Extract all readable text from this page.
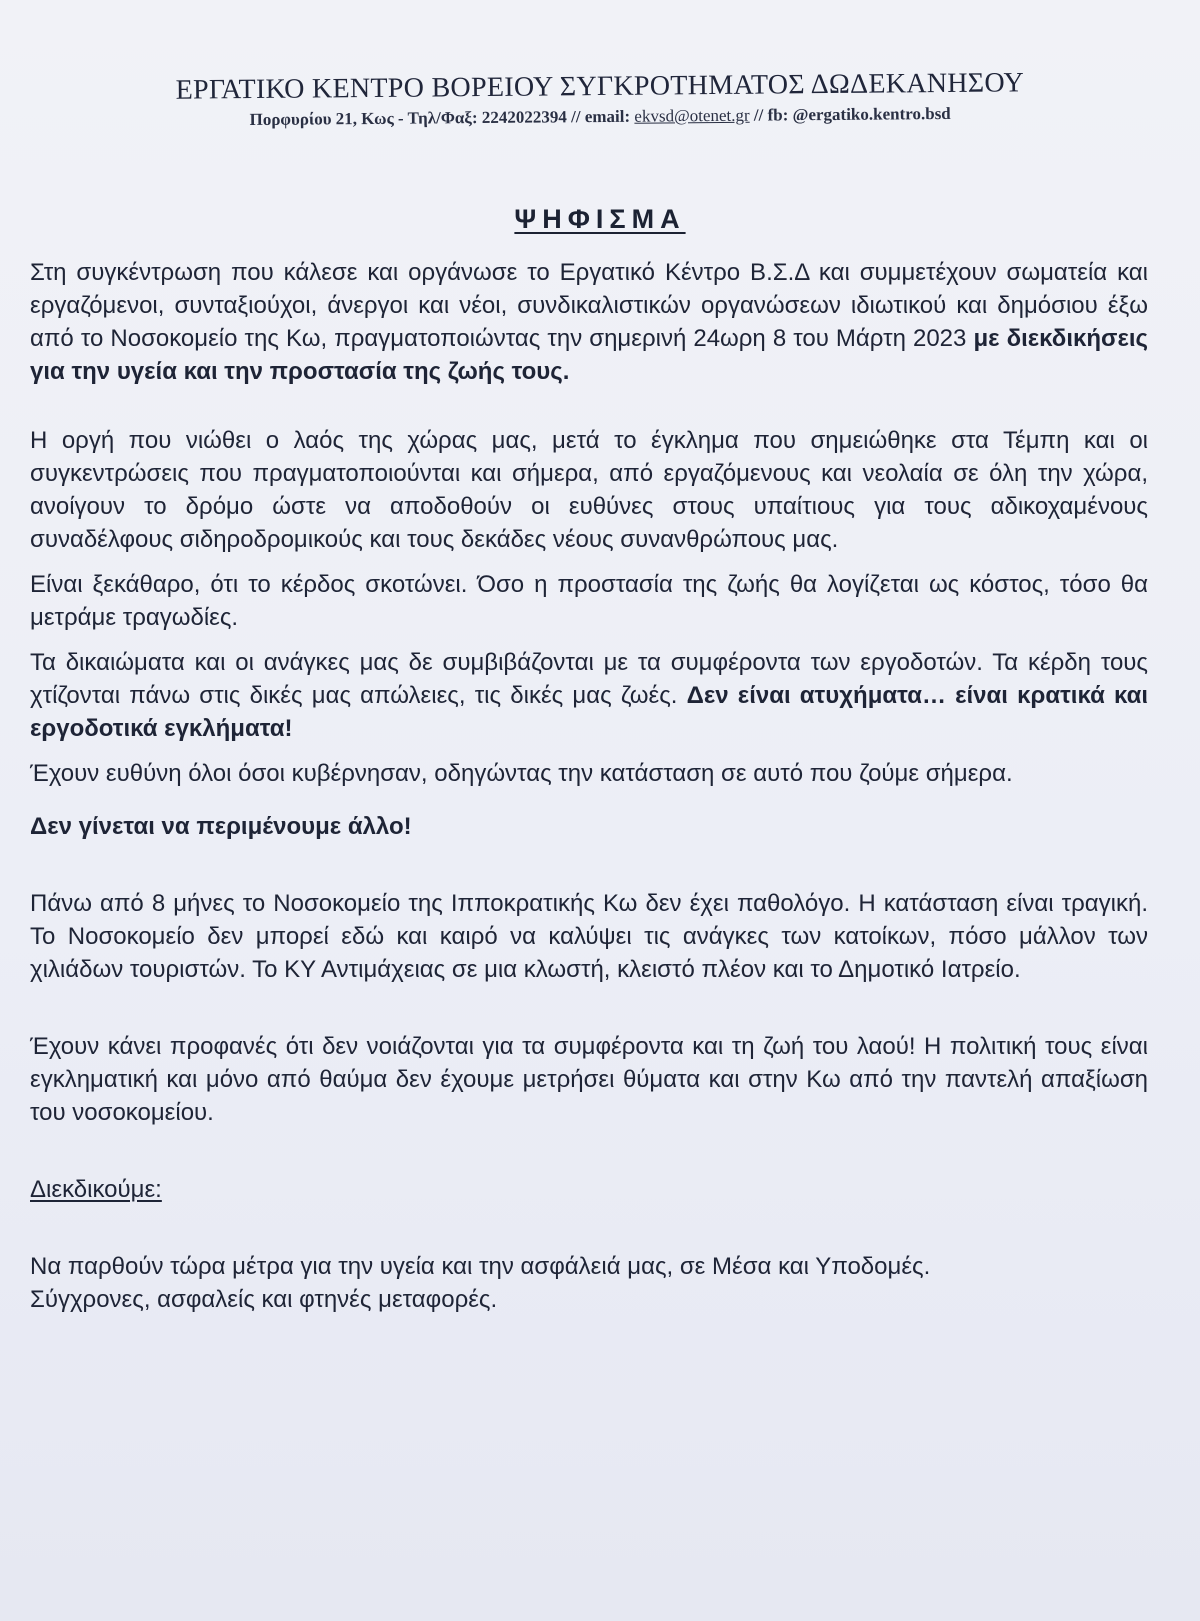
ΕΡΓΑΤΙΚΟ ΚΕΝΤΡΟ ΒΟΡΕΙΟΥ ΣΥΓΚΡΟΤΗΜΑΤΟΣ ΔΩΔΕΚΑΝΗΣΟΥ
Πορφυρίου 21, Κως - Τηλ/Φαξ: 2242022394 // email: ekvsd@otenet.gr // fb: @ergatiko.kentro.bsd
ΨΗΦΙΣΜΑ

Στη συγκέντρωση που κάλεσε και οργάνωσε το Εργατικό Κέντρο Β.Σ.Δ και συμμετέχουν σωματεία και εργαζόμενοι, συνταξιούχοι, άνεργοι και νέοι, συνδικαλιστικών οργανώσεων ιδιωτικού και δημόσιου έξω από το Νοσοκομείο της Κω, πραγματοποιώντας την σημερινή 24ωρη 8 του Μάρτη 2023 με διεκδικήσεις για την υγεία και την προστασία της ζωής τους.

Η οργή που νιώθει ο λαός της χώρας μας, μετά το έγκλημα που σημειώθηκε στα Τέμπη και οι συγκεντρώσεις που πραγματοποιούνται και σήμερα, από εργαζόμενους και νεολαία σε όλη την χώρα, ανοίγουν το δρόμο ώστε να αποδοθούν οι ευθύνες στους υπαίτιους για τους αδικοχαμένους συναδέλφους σιδηροδρομικούς και τους δεκάδες νέους συνανθρώπους μας.

Είναι ξεκάθαρο, ότι το κέρδος σκοτώνει. Όσο η προστασία της ζωής θα λογίζεται ως κόστος, τόσο θα μετράμε τραγωδίες.

Τα δικαιώματα και οι ανάγκες μας δε συμβιβάζονται με τα συμφέροντα των εργοδοτών. Τα κέρδη τους χτίζονται πάνω στις δικές μας απώλειες, τις δικές μας ζωές. Δεν είναι ατυχήματα… είναι κρατικά και εργοδοτικά εγκλήματα!

Έχουν ευθύνη όλοι όσοι κυβέρνησαν, οδηγώντας την κατάσταση σε αυτό που ζούμε σήμερα.

Δεν γίνεται να περιμένουμε άλλο!

Πάνω από 8 μήνες το Νοσοκομείο της Ιπποκρατικής Κω δεν έχει παθολόγο. Η κατάσταση είναι τραγική. Το Νοσοκομείο δεν μπορεί εδώ και καιρό να καλύψει τις ανάγκες των κατοίκων, πόσο μάλλον των χιλιάδων τουριστών. Το ΚΥ Αντιμάχειας σε μια κλωστή, κλειστό πλέον και το Δημοτικό Ιατρείο.

Έχουν κάνει προφανές ότι δεν νοιάζονται για τα συμφέροντα και τη ζωή του λαού! Η πολιτική τους είναι εγκληματική και μόνο από θαύμα δεν έχουμε μετρήσει θύματα και στην Κω από την παντελή απαξίωση του νοσοκομείου.

Διεκδικούμε:

Να παρθούν τώρα μέτρα για την υγεία και την ασφάλειά μας, σε Μέσα και Υποδομές.
Σύγχρονες, ασφαλείς και φτηνές μεταφορές.
